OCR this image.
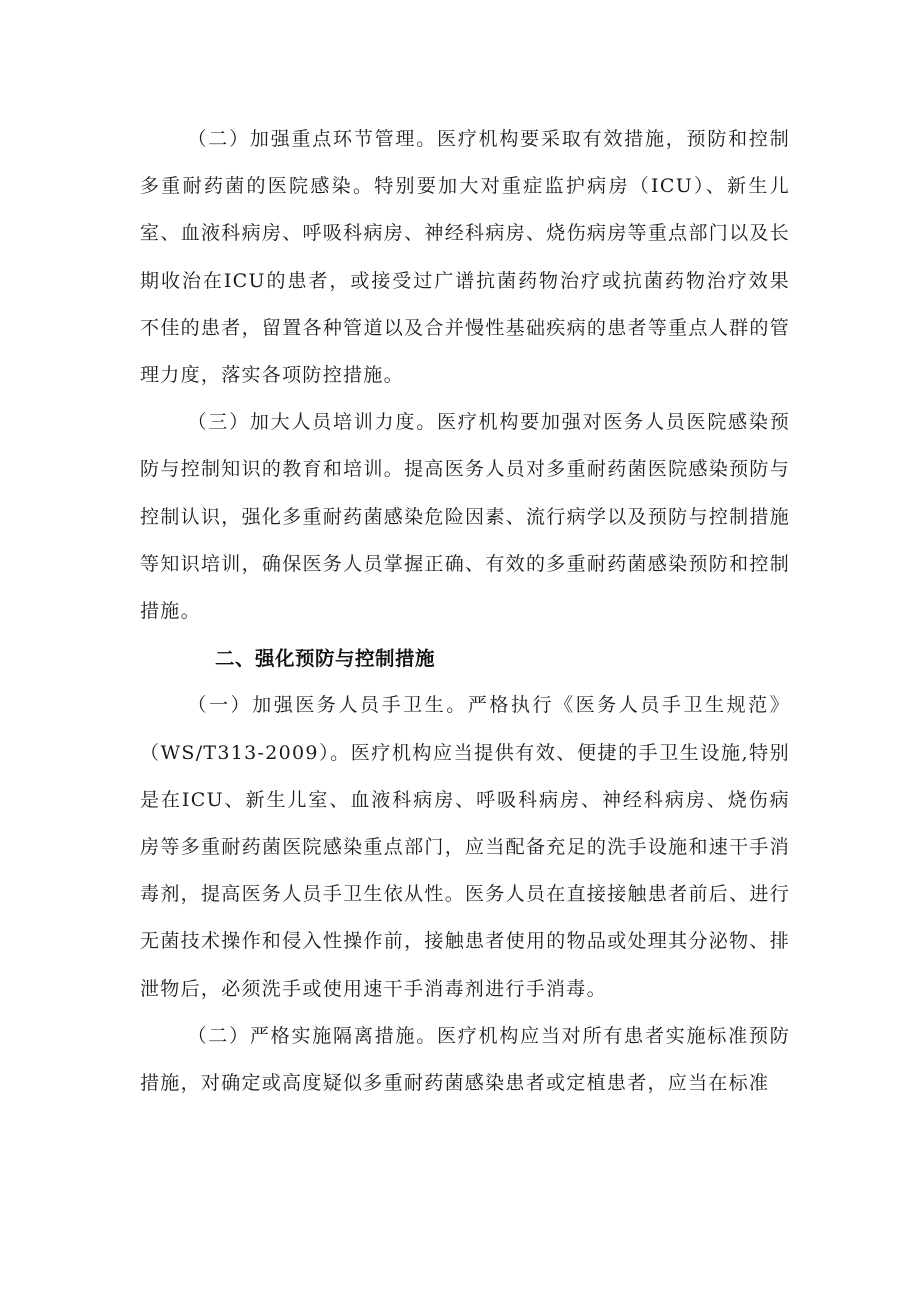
（二）加强重点环节管理。医疗机构要采取有效措施，预防和控制多重耐药菌的医院感染。特别要加大对重症监护病房（ICU）、新生儿室、血液科病房、呼吸科病房、神经科病房、烧伤病房等重点部门以及长期收治在ICU的患者，或接受过广谱抗菌药物治疗或抗菌药物治疗效果不佳的患者，留置各种管道以及合并慢性基础疾病的患者等重点人群的管理力度，落实各项防控措施。

（三）加大人员培训力度。医疗机构要加强对医务人员医院感染预防与控制知识的教育和培训。提高医务人员对多重耐药菌医院感染预防与控制认识，强化多重耐药菌感染危险因素、流行病学以及预防与控制措施等知识培训，确保医务人员掌握正确、有效的多重耐药菌感染预防和控制措施。

二、强化预防与控制措施

（一）加强医务人员手卫生。严格执行《医务人员手卫生规范》（WS/T313-2009）。医疗机构应当提供有效、便捷的手卫生设施,特别是在ICU、新生儿室、血液科病房、呼吸科病房、神经科病房、烧伤病房等多重耐药菌医院感染重点部门，应当配备充足的洗手设施和速干手消毒剂，提高医务人员手卫生依从性。医务人员在直接接触患者前后、进行无菌技术操作和侵入性操作前，接触患者使用的物品或处理其分泌物、排泄物后，必须洗手或使用速干手消毒剂进行手消毒。

（二）严格实施隔离措施。医疗机构应当对所有患者实施标准预防措施，对确定或高度疑似多重耐药菌感染患者或定植患者，应当在标准
